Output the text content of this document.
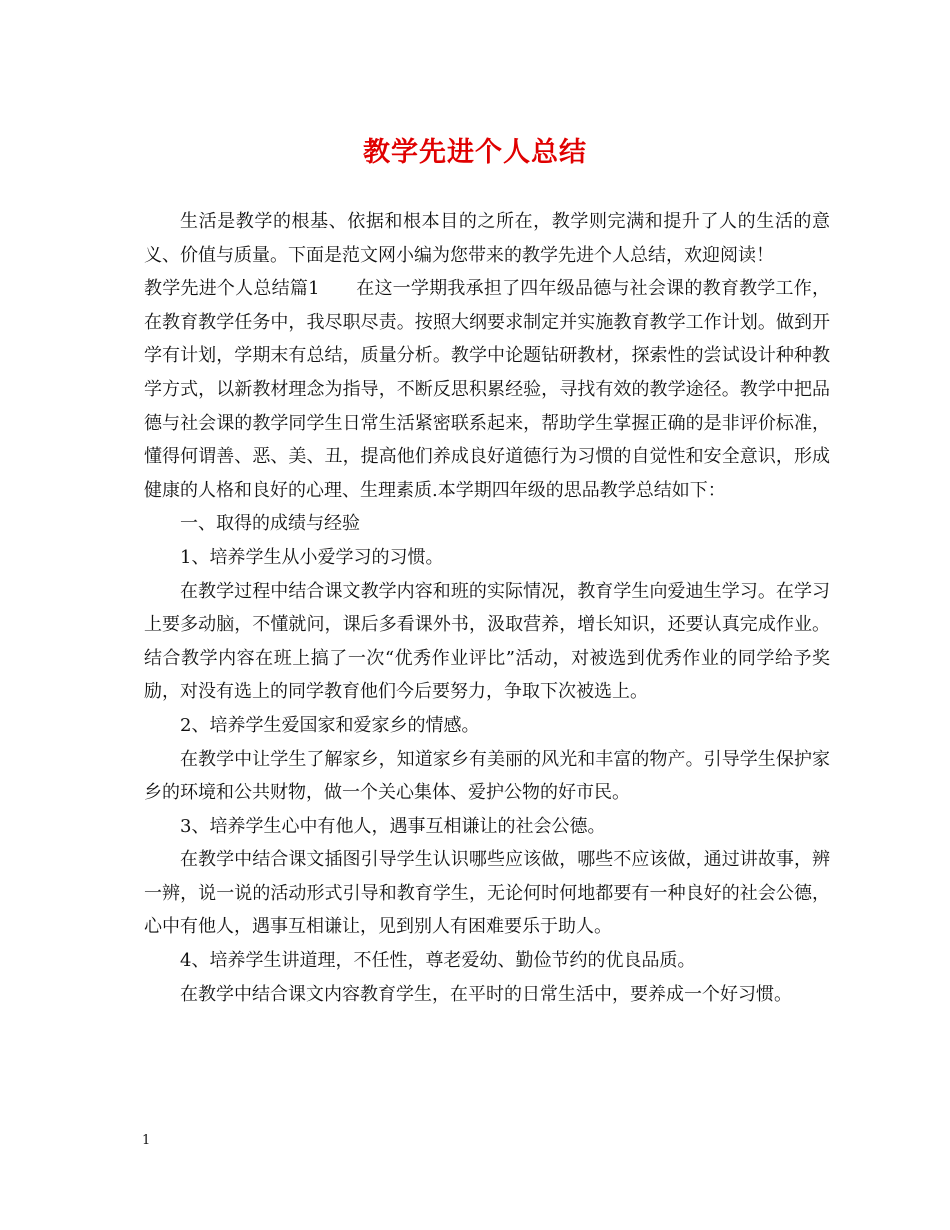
教学先进个人总结

生活是教学的根基、依据和根本目的之所在，教学则完满和提升了人的生活的意义、价值与质量。下面是范文网小编为您带来的教学先进个人总结，欢迎阅读！

教学先进个人总结篇1　　在这一学期我承担了四年级品德与社会课的教育教学工作，在教育教学任务中，我尽职尽责。按照大纲要求制定并实施教育教学工作计划。做到开学有计划，学期末有总结，质量分析。教学中论题钻研教材，探索性的尝试设计种种教学方式，以新教材理念为指导，不断反思积累经验，寻找有效的教学途径。教学中把品德与社会课的教学同学生日常生活紧密联系起来，帮助学生掌握正确的是非评价标准，懂得何谓善、恶、美、丑，提高他们养成良好道德行为习惯的自觉性和安全意识，形成健康的人格和良好的心理、生理素质.本学期四年级的思品教学总结如下：

一、取得的成绩与经验

1、培养学生从小爱学习的习惯。

在教学过程中结合课文教学内容和班的实际情况，教育学生向爱迪生学习。在学习上要多动脑，不懂就问，课后多看课外书，汲取营养，增长知识，还要认真完成作业。结合教学内容在班上搞了一次“优秀作业评比”活动，对被选到优秀作业的同学给予奖励，对没有选上的同学教育他们今后要努力，争取下次被选上。

2、培养学生爱国家和爱家乡的情感。

在教学中让学生了解家乡，知道家乡有美丽的风光和丰富的物产。引导学生保护家乡的环境和公共财物，做一个关心集体、爱护公物的好市民。

3、培养学生心中有他人，遇事互相谦让的社会公德。

在教学中结合课文插图引导学生认识哪些应该做，哪些不应该做，通过讲故事，辨一辨，说一说的活动形式引导和教育学生，无论何时何地都要有一种良好的社会公德，心中有他人，遇事互相谦让，见到别人有困难要乐于助人。

4、培养学生讲道理，不任性，尊老爱幼、勤俭节约的优良品质。

在教学中结合课文内容教育学生，在平时的日常生活中，要养成一个好习惯。

1
